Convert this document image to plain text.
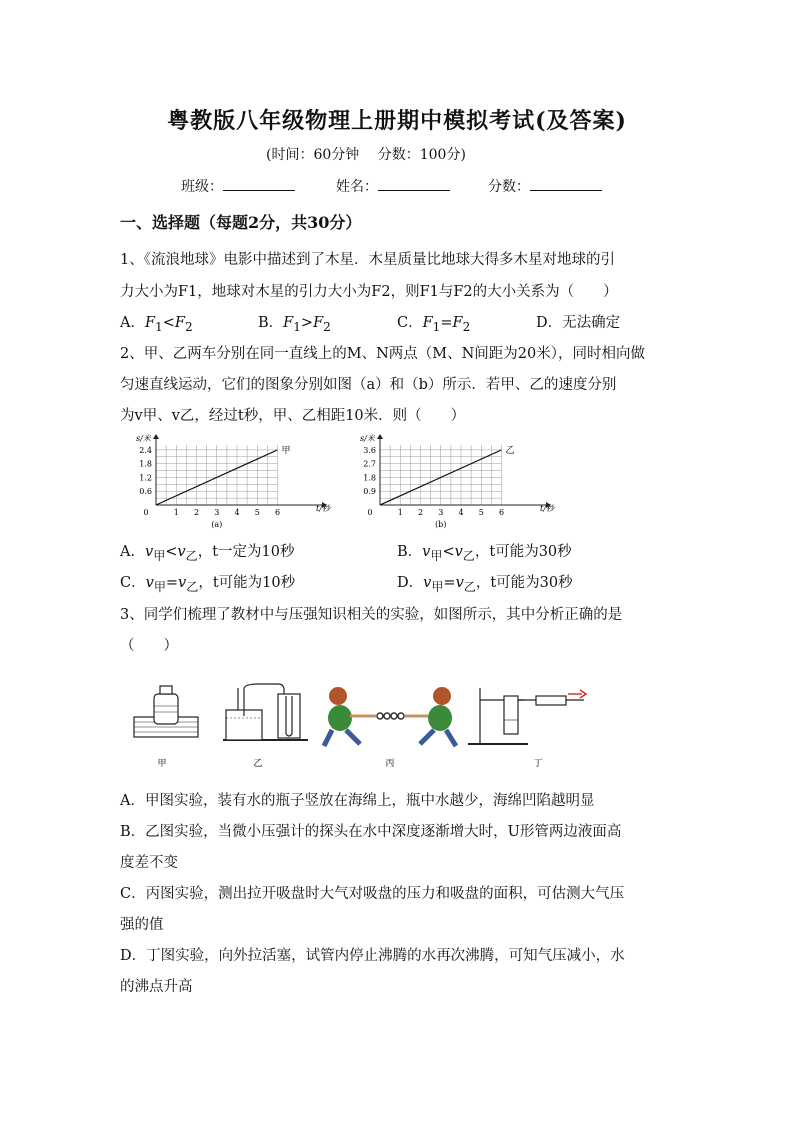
粤教版八年级物理上册期中模拟考试(及答案)
(时间：60分钟　 分数：100分)
班级：	姓名：	分数：
一、选择题（每题2分，共30分）
1、《流浪地球》电影中描述到了木星．木星质量比地球大得多木星对地球的引
力大小为F1，地球对木星的引力大小为F2，则F1与F2的大小关系为（　　）
A．$F_1<F_2$	B．$F_1>F_2$	C．$F_1=F_2$	D．无法确定
2、甲、乙两车分别在同一直线上的M、N两点（M、N间距为20米），同时相向做
匀速直线运动，它们的图象分别如图（a）和（b）所示．若甲、乙的速度分别
为v甲、v乙，经过t秒，甲、乙相距10米．则（　　）
0	1 2 3 4 5 6
0.6
1.2
1.8
2.4
s/米
t/秒
(a)
甲
0	1 2 3 4 5 6
0.9
1.8
2.7
3.6
s/米
t/秒
(b)
乙
A．$v_甲<v_乙$，t一定为10秒	B．$v_甲<v_乙$，t可能为30秒
C．$v_甲=v_乙$，t可能为10秒	D．$v_甲=v_乙$，t可能为30秒
3、同学们梳理了教材中与压强知识相关的实验，如图所示，其中分析正确的是
（　　）
甲	乙	丙	丁
A．甲图实验，装有水的瓶子竖放在海绵上，瓶中水越少，海绵凹陷越明显
B．乙图实验，当微小压强计的探头在水中深度逐渐增大时，U形管两边液面高
度差不变
C．丙图实验，测出拉开吸盘时大气对吸盘的压力和吸盘的面积，可估测大气压
强的值
D．丁图实验，向外拉活塞，试管内停止沸腾的水再次沸腾，可知气压减小，水
的沸点升高
